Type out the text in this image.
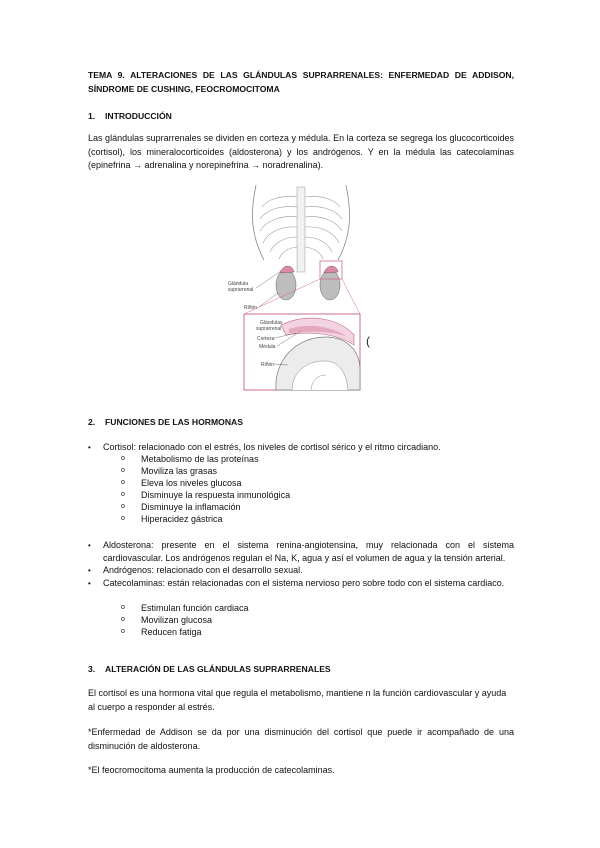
TEMA 9. ALTERACIONES DE LAS GLÁNDULAS SUPRARRENALES: ENFERMEDAD DE ADDISON, SÍNDROME DE CUSHING, FEOCROMOCITOMA
1. INTRODUCCIÓN
Las glándulas suprarrenales se dividen en corteza y médula. En la corteza se segrega los glucocorticoides (cortisol), los mineralocorticoides (aldosterona) y los andrógenos. Y en la médula las catecolaminas (epinefrina → adrenalina y norepinefrina → noradrenalina).
Glándula
suprarrenal
Riñón
Glándulas
suprarrenal
Corteza
Médula
Riñón
(
2. FUNCIONES DE LAS HORMONAS
• Cortisol: relacionado con el estrés, los niveles de cortisol sérico y el ritmo circadiano.
o Metabolismo de las proteínas
o Moviliza las grasas
o Eleva los niveles glucosa
o Disminuye la respuesta inmunológica
o Disminuye la inflamación
o Hiperacidez gástrica
• Aldosterona: presente en el sistema renina-angiotensina, muy relacionada con el sistema cardiovascular. Los andrógenos regulan el Na, K, agua y así el volumen de agua y la tensión arterial.
• Andrógenos: relacionado con el desarrollo sexual.
• Catecolaminas: están relacionadas con el sistema nervioso pero sobre todo con el sistema cardiaco.
o Estimulan función cardiaca
o Movilizan glucosa
o Reducen fatiga
3. ALTERACIÓN DE LAS GLÁNDULAS SUPRARRENALES
El cortisol es una hormona vital que regula el metabolismo, mantiene n la función cardiovascular y ayuda al cuerpo a responder al estrés.
*Enfermedad de Addison se da por una disminución del cortisol que puede ir acompañado de una disminución de aldosterona.
*El feocromocitoma aumenta la producción de catecolaminas.
